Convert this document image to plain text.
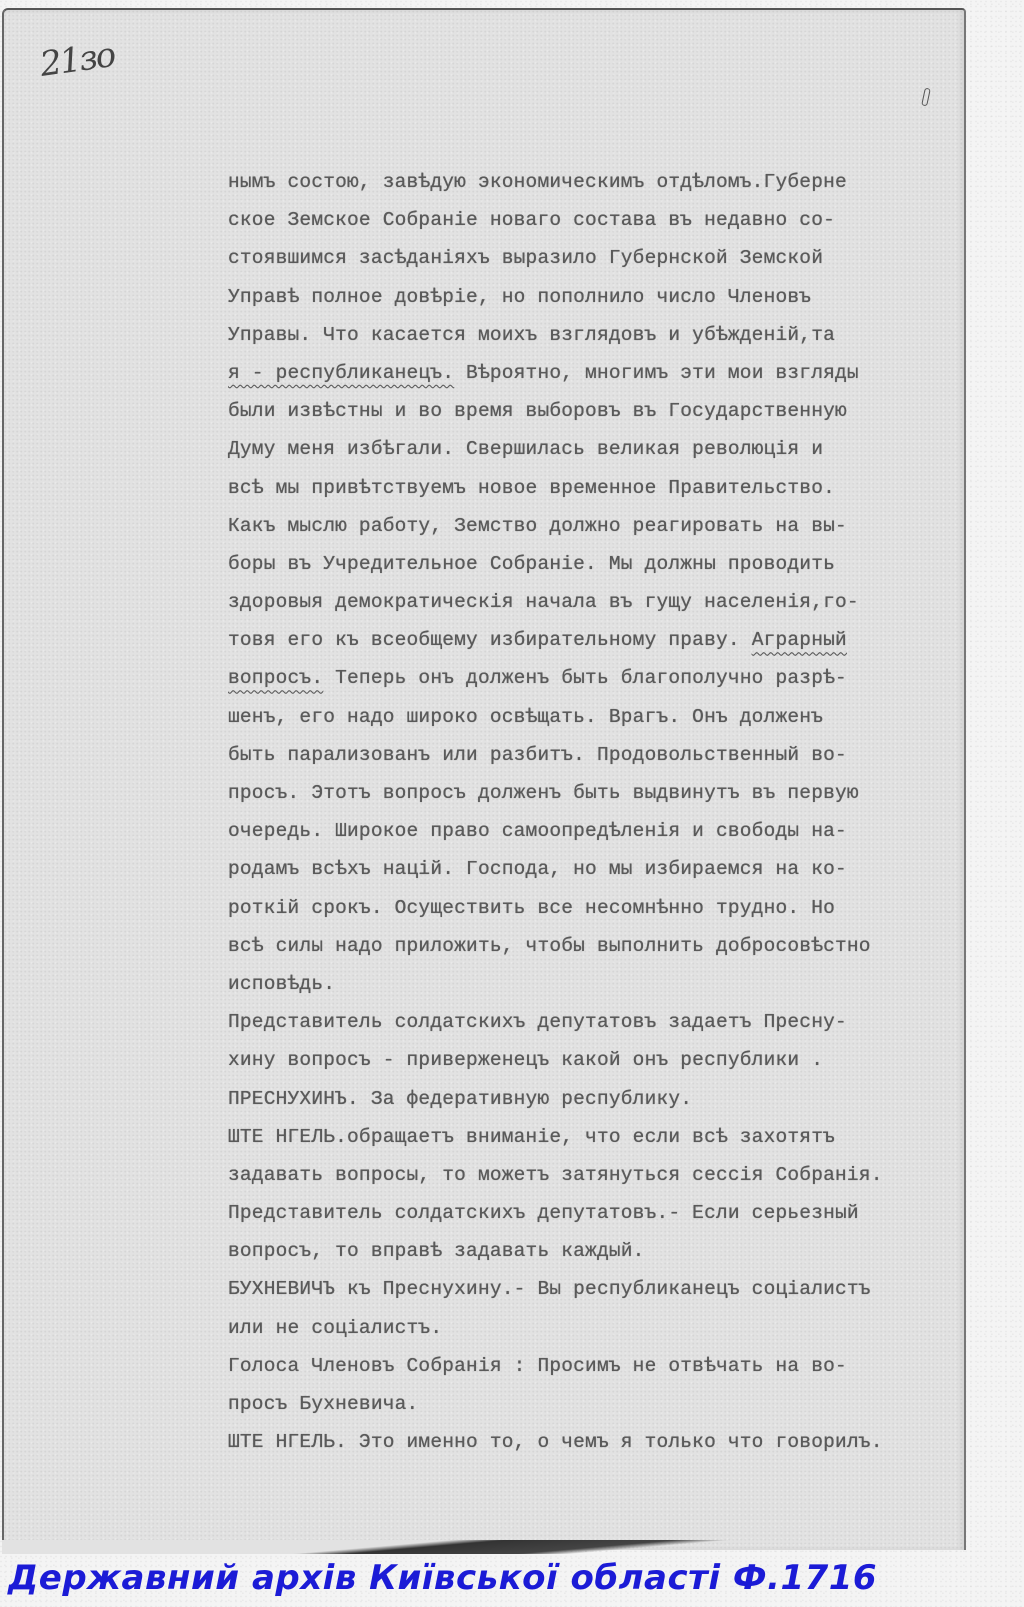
21зо
нымъ состою, завѣдую экономическимъ отдѣломъ.Губерне
ское Земское Собраніе новаго состава въ недавно со-
стоявшимся засѣданіяхъ выразило Губернской Земской
Управѣ полное довѣріе, но пополнило число Членовъ
Управы. Что касается моихъ взглядовъ и убѣжденій,та
я - республиканецъ. Вѣроятно, многимъ эти мои взгляды
были извѣстны и во время выборовъ въ Государственную
Думу меня избѣгали. Свершилась великая революція и
всѣ мы привѣтствуемъ новое временное Правительство.
Какъ мыслю работу, Земство должно реагировать на вы-
боры въ Учредительное Собраніе. Мы должны проводить
здоровыя демократическія начала въ гущу населенія,го-
товя его къ всеобщему избирательному праву. Аграрный
вопросъ. Теперь онъ долженъ быть благополучно разрѣ-
шенъ, его надо широко освѣщать. Врагъ. Онъ долженъ
быть парализованъ или разбитъ. Продовольственный во-
просъ. Этотъ вопросъ долженъ быть выдвинутъ въ первую
очередь. Широкое право самоопредѣленія и свободы на-
родамъ всѣхъ націй. Господа, но мы избираемся на ко-
роткій срокъ. Осуществить все несомнѣнно трудно. Но
всѣ силы надо приложить, чтобы выполнить добросовѣстно
исповѣдь.
Представитель солдатскихъ депутатовъ задаетъ Преснy-
хину вопросъ - приверженецъ какой онъ республики .
ПРЕСНУХИНЪ. За федеративную республику.
ШТЕ НГЕЛЬ.обращаетъ вниманіе, что если всѣ захотятъ
задавать вопросы, то можетъ затянуться сессія Собранія.
Представитель солдатскихъ депутатовъ.- Если серьезный
вопросъ, то вправѣ задавать каждый.
БУХНЕВИЧЪ къ Преснухину.- Вы республиканецъ соціалистъ
или не соціалистъ.
Голоса Членовъ Собранія : Просимъ не отвѣчать на во-
просъ Бухневича.
ШТЕ НГЕЛЬ. Это именно то, о чемъ я только что говорилъ.
Державний архів Київської області Ф.1716
